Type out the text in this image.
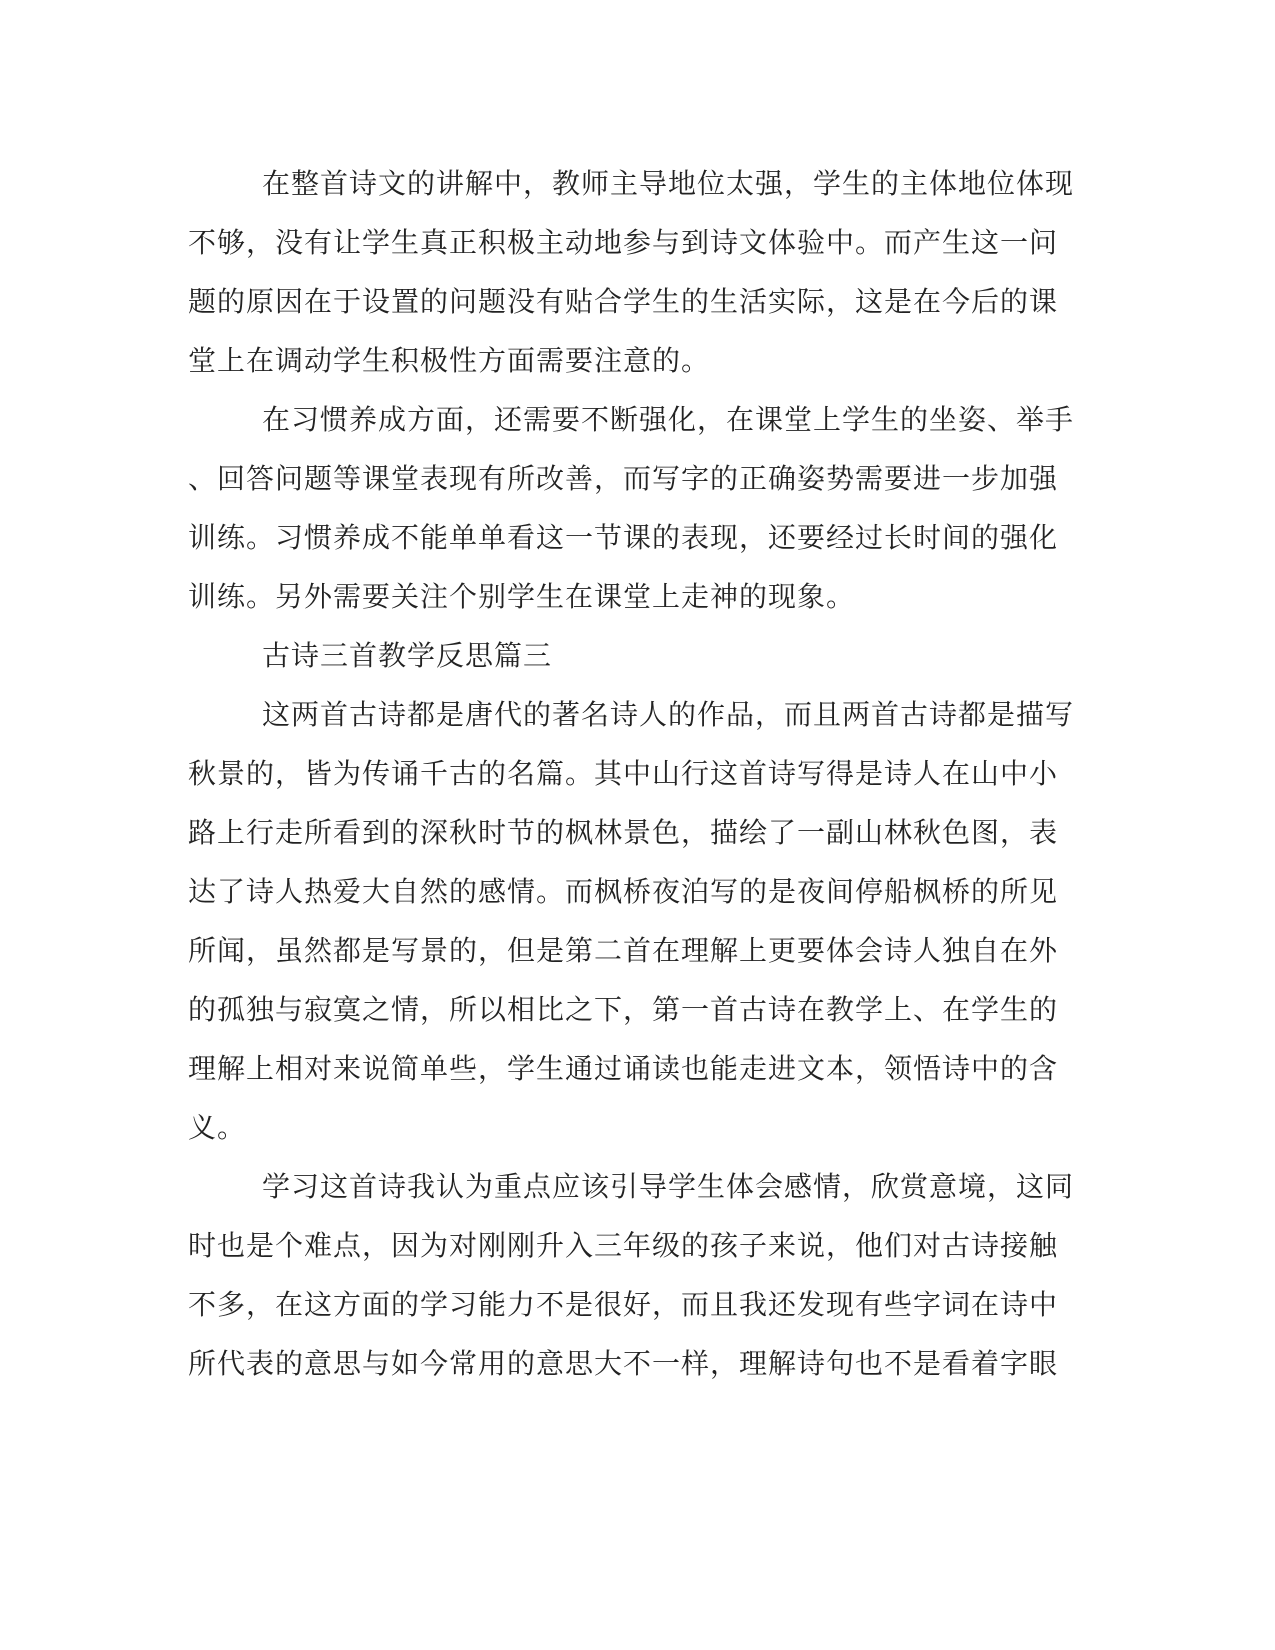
在整首诗文的讲解中，教师主导地位太强，学生的主体地位体现
不够，没有让学生真正积极主动地参与到诗文体验中。而产生这一问
题的原因在于设置的问题没有贴合学生的生活实际，这是在今后的课
堂上在调动学生积极性方面需要注意的。
在习惯养成方面，还需要不断强化，在课堂上学生的坐姿、举手
、回答问题等课堂表现有所改善，而写字的正确姿势需要进一步加强
训练。习惯养成不能单单看这一节课的表现，还要经过长时间的强化
训练。另外需要关注个别学生在课堂上走神的现象。
古诗三首教学反思篇三
这两首古诗都是唐代的著名诗人的作品，而且两首古诗都是描写
秋景的，皆为传诵千古的名篇。其中山行这首诗写得是诗人在山中小
路上行走所看到的深秋时节的枫林景色，描绘了一副山林秋色图，表
达了诗人热爱大自然的感情。而枫桥夜泊写的是夜间停船枫桥的所见
所闻，虽然都是写景的，但是第二首在理解上更要体会诗人独自在外
的孤独与寂寞之情，所以相比之下，第一首古诗在教学上、在学生的
理解上相对来说简单些，学生通过诵读也能走进文本，领悟诗中的含
义。
学习这首诗我认为重点应该引导学生体会感情，欣赏意境，这同
时也是个难点，因为对刚刚升入三年级的孩子来说，他们对古诗接触
不多，在这方面的学习能力不是很好，而且我还发现有些字词在诗中
所代表的意思与如今常用的意思大不一样，理解诗句也不是看着字眼
